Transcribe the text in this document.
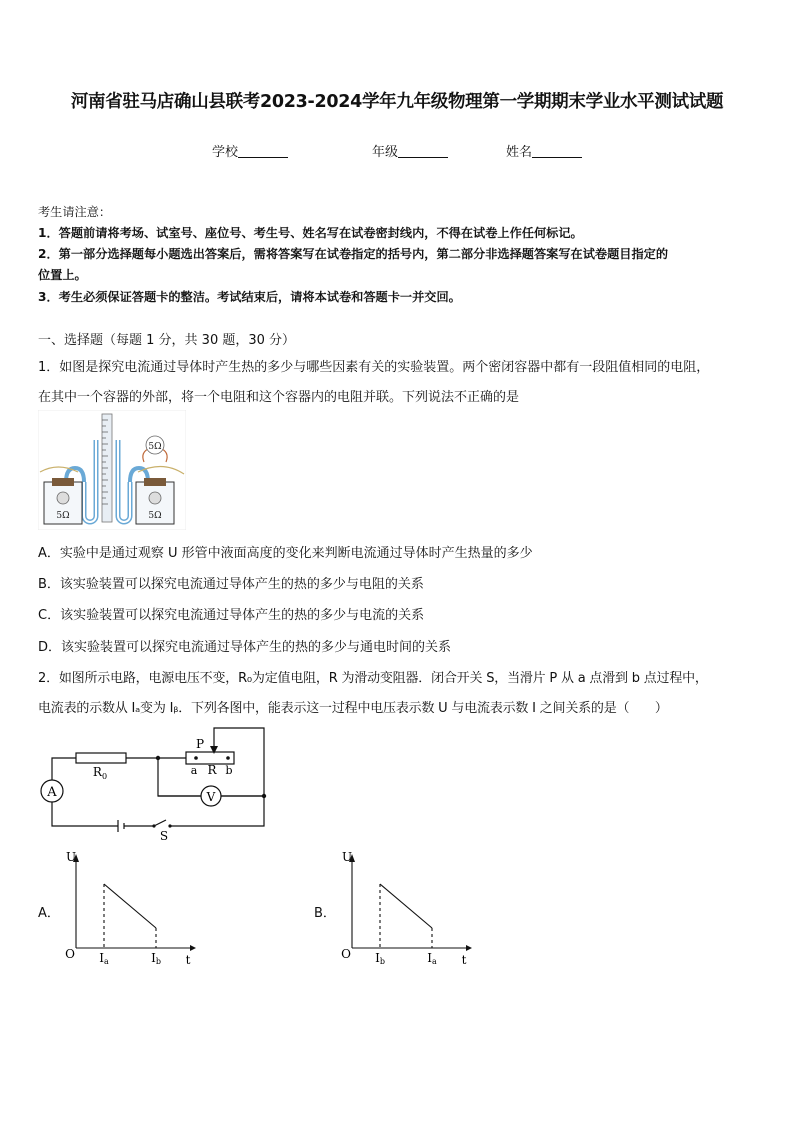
河南省驻马店确山县联考2023-2024学年九年级物理第一学期期末学业水平测试试题
学校	年级	姓名
考生请注意：
1．答题前请将考场、试室号、座位号、考生号、姓名写在试卷密封线内，不得在试卷上作任何标记。
2．第一部分选择题每小题选出答案后，需将答案写在试卷指定的括号内，第二部分非选择题答案写在试卷题目指定的
位置上。
3．考生必须保证答题卡的整洁。考试结束后，请将本试卷和答题卡一并交回。
一、选择题（每题 1 分，共 30 题，30 分）
1．如图是探究电流通过导体时产生热的多少与哪些因素有关的实验装置。两个密闭容器中都有一段阻值相同的电阻，
在其中一个容器的外部，将一个电阻和这个容器内的电阻并联。下列说法不正确的是
5Ω
5Ω	5Ω
A．实验中是通过观察 U 形管中液面高度的变化来判断电流通过导体时产生热量的多少
B．该实验装置可以探究电流通过导体产生的热的多少与电阻的关系
C．该实验装置可以探究电流通过导体产生的热的多少与电流的关系
D．该实验装置可以探究电流通过导体产生的热的多少与通电时间的关系
2．如图所示电路，电源电压不变，R₀为定值电阻，R 为滑动变阻器．闭合开关 S，当滑片 P 从 a 点滑到 b 点过程中，
电流表的示数从 Iₐ变为 Iᵦ．下列各图中，能表示这一过程中电压表示数 U 与电流表示数 I 之间关系的是（　　）
A	V
P
$R_0$	a R b
S
A．
U
O Ia	Ib t
B．
U
O Ib	Ia t
